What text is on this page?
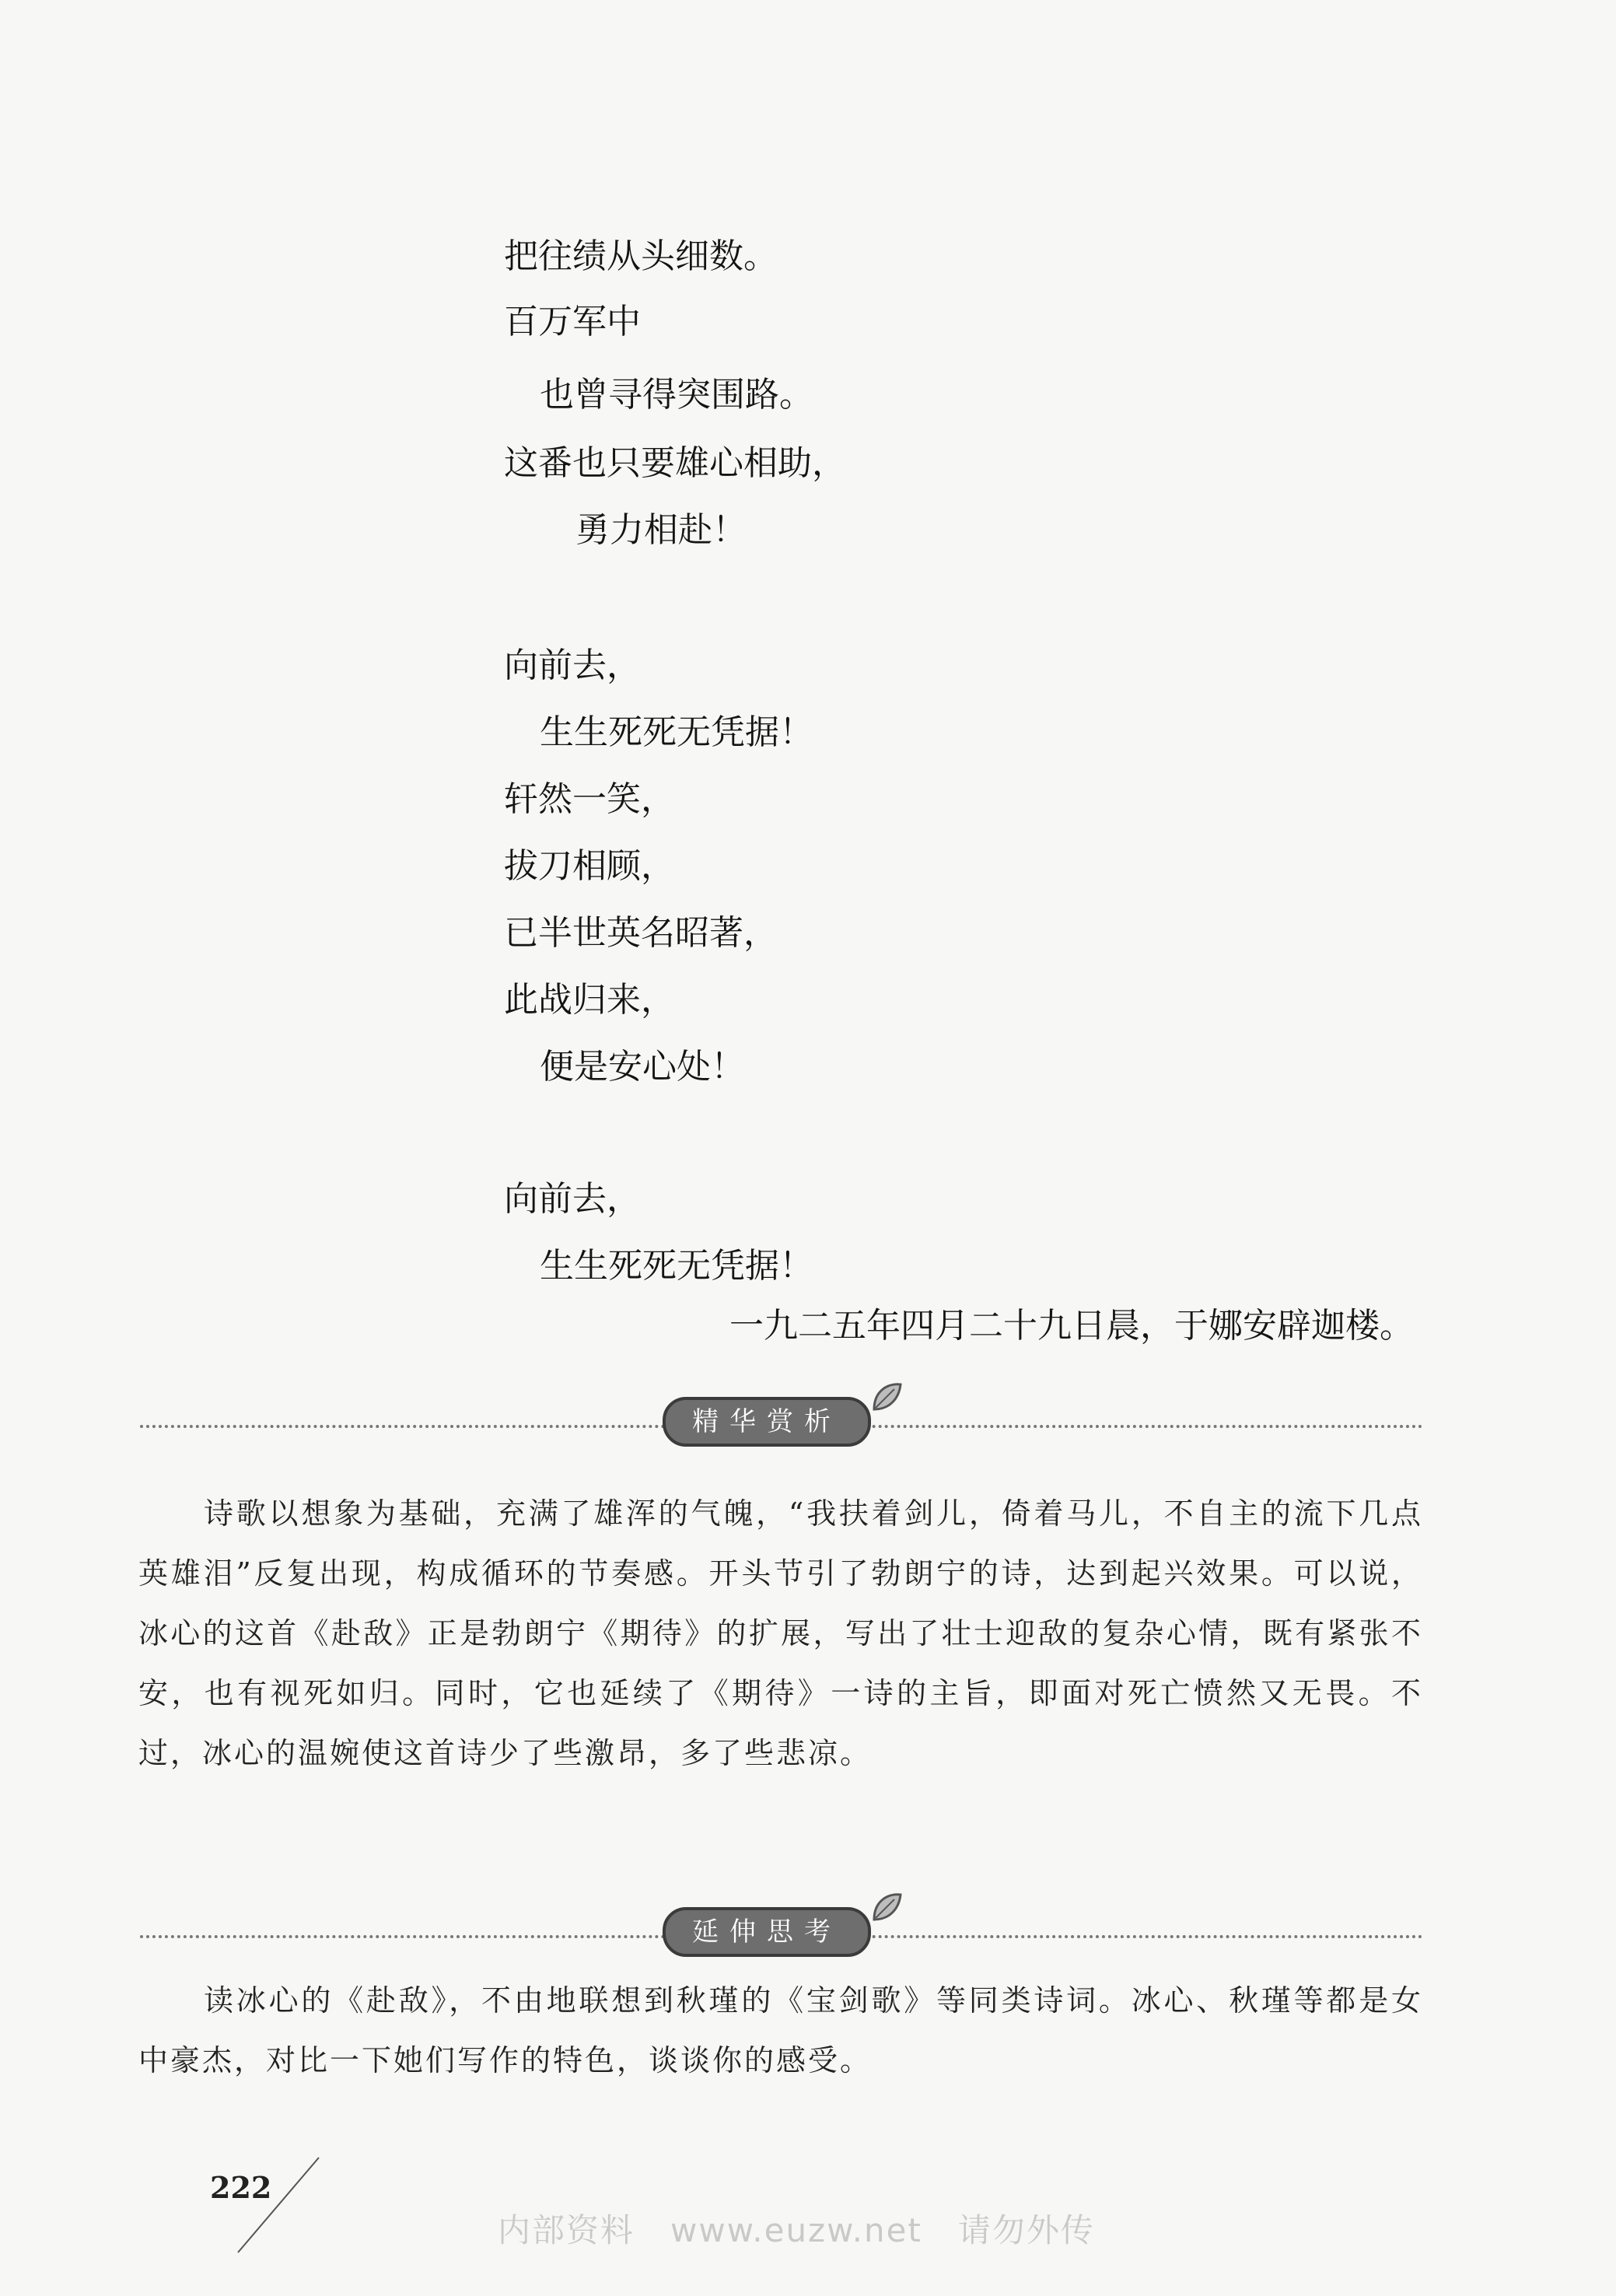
把往绩从头细数。
百万军中
也曾寻得突围路。
这番也只要雄心相助，
勇力相赴！
向前去，
生生死死无凭据！
轩然一笑，
拔刀相顾，
已半世英名昭著，
此战归来，
便是安心处！
向前去，
生生死死无凭据！
一九二五年四月二十九日晨，于娜安辟迦楼。
精华赏析
诗歌以想象为基础，充满了雄浑的气魄，“我扶着剑儿，倚着马儿，不自主的流下几点英雄泪”反复出现，构成循环的节奏感。开头节引了勃朗宁的诗，达到起兴效果。可以说，冰心的这首《赴敌》正是勃朗宁《期待》的扩展，写出了壮士迎敌的复杂心情，既有紧张不安，也有视死如归。同时，它也延续了《期待》一诗的主旨，即面对死亡愤然又无畏。不过，冰心的温婉使这首诗少了些激昂，多了些悲凉。
延伸思考
读冰心的《赴敌》，不由地联想到秋瑾的《宝剑歌》等同类诗词。冰心、秋瑾等都是女中豪杰，对比一下她们写作的特色，谈谈你的感受。
222
内部资料   www.euzw.net   请勿外传
